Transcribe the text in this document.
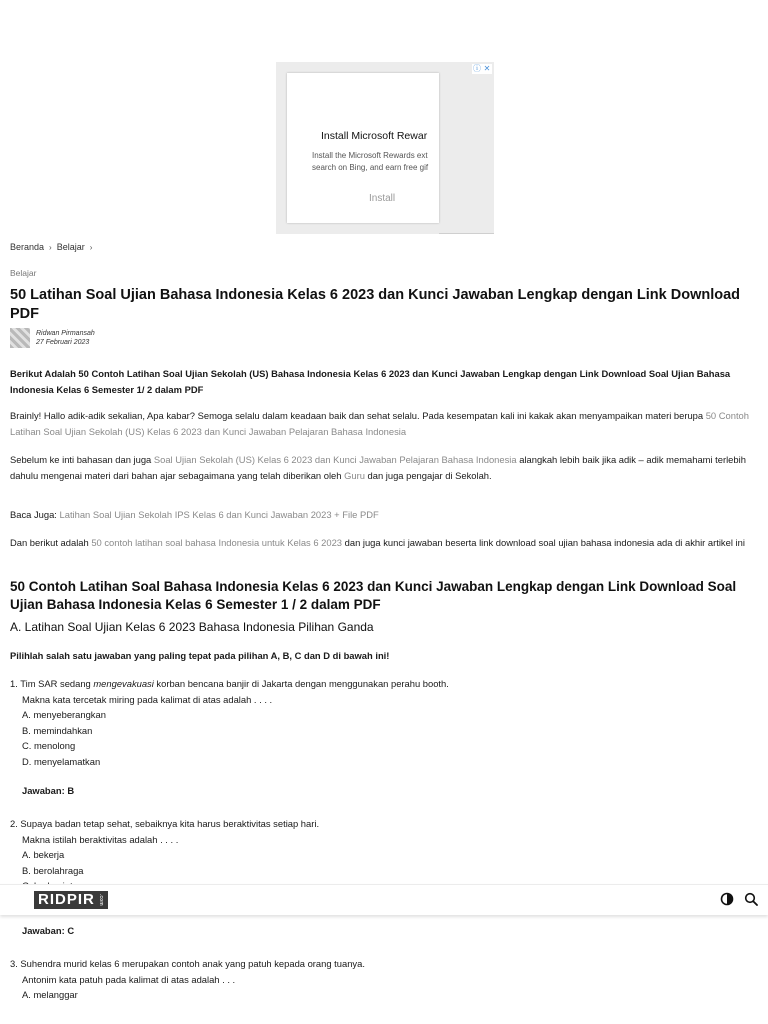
Install Microsoft Rewar
Install the Microsoft Rewards ext
search on Bing, and earn free gif
Install
ⓘ ✕
Beranda › Belajar ›
Belajar
50 Latihan Soal Ujian Bahasa Indonesia Kelas 6 2023 dan Kunci Jawaban Lengkap dengan Link Download PDF
Ridwan Pirmansah
27 Februari 2023

Berikut Adalah 50 Contoh Latihan Soal Ujian Sekolah (US) Bahasa Indonesia Kelas 6 2023 dan Kunci Jawaban Lengkap dengan Link Download Soal Ujian Bahasa Indonesia Kelas 6 Semester 1/ 2 dalam PDF

Brainly! Hallo adik-adik sekalian, Apa kabar? Semoga selalu dalam keadaan baik dan sehat selalu. Pada kesempatan kali ini kakak akan menyampaikan materi berupa 50 Contoh Latihan Soal Ujian Sekolah (US) Kelas 6 2023 dan Kunci Jawaban Pelajaran Bahasa Indonesia

Sebelum ke inti bahasan dan juga Soal Ujian Sekolah (US) Kelas 6 2023 dan Kunci Jawaban Pelajaran Bahasa Indonesia alangkah lebih baik jika adik – adik memahami terlebih dahulu mengenai materi dari bahan ajar sebagaimana yang telah diberikan oleh Guru dan juga pengajar di Sekolah.

Baca Juga: Latihan Soal Ujian Sekolah IPS Kelas 6 dan Kunci Jawaban 2023 + File PDF

Dan berikut adalah 50 contoh latihan soal bahasa Indonesia untuk Kelas 6 2023 dan juga kunci jawaban beserta link download soal ujian bahasa indonesia ada di akhir artikel ini

50 Contoh Latihan Soal Bahasa Indonesia Kelas 6 2023 dan Kunci Jawaban Lengkap dengan Link Download Soal Ujian Bahasa Indonesia Kelas 6 Semester 1 / 2 dalam PDF
A. Latihan Soal Ujian Kelas 6 2023 Bahasa Indonesia Pilihan Ganda

Pilihlah salah satu jawaban yang paling tepat pada pilihan A, B, C dan D di bawah ini!

1. Tim SAR sedang mengevakuasi korban bencana banjir di Jakarta dengan menggunakan perahu booth.
Makna kata tercetak miring pada kalimat di atas adalah . . . .
A. menyeberangkan
B. memindahkan
C. menolong
D. menyelamatkan
Jawaban: B
2. Supaya badan tetap sehat, sebaiknya kita harus beraktivitas setiap hari.
Makna istilah beraktivitas adalah . . . .
A. bekerja
B. berolahraga
Jawaban: C
3. Suhendra murid kelas 6 merupakan contoh anak yang patuh kepada orang tuanya.
Antonim kata patuh pada kalimat di atas adalah . . .
A. melanggar
RIDPIR .com
